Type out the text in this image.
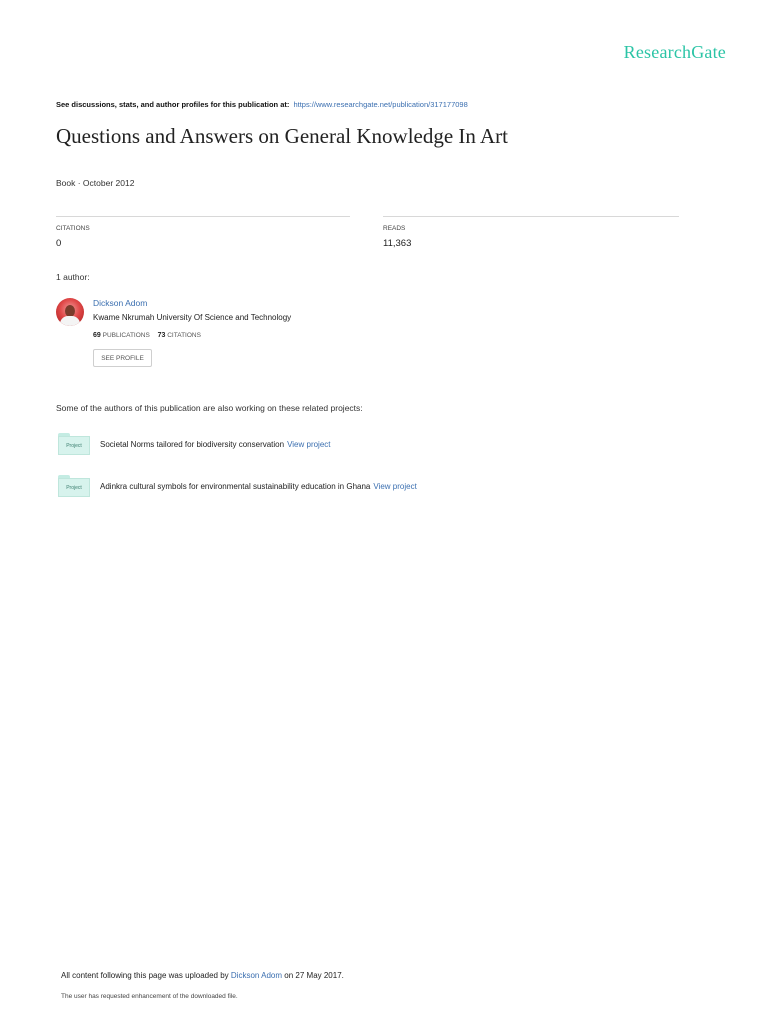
ResearchGate
See discussions, stats, and author profiles for this publication at: https://www.researchgate.net/publication/317177098
Questions and Answers on General Knowledge In Art
Book · October 2012
CITATIONS
0
READS
11,363
1 author:
Dickson Adom
Kwame Nkrumah University Of Science and Technology
69 PUBLICATIONS 73 CITATIONS
SEE PROFILE
Some of the authors of this publication are also working on these related projects:
Project	Societal Norms tailored for biodiversity conservation View project
Project	Adinkra cultural symbols for environmental sustainability education in Ghana View project
All content following this page was uploaded by Dickson Adom on 27 May 2017.
The user has requested enhancement of the downloaded file.
